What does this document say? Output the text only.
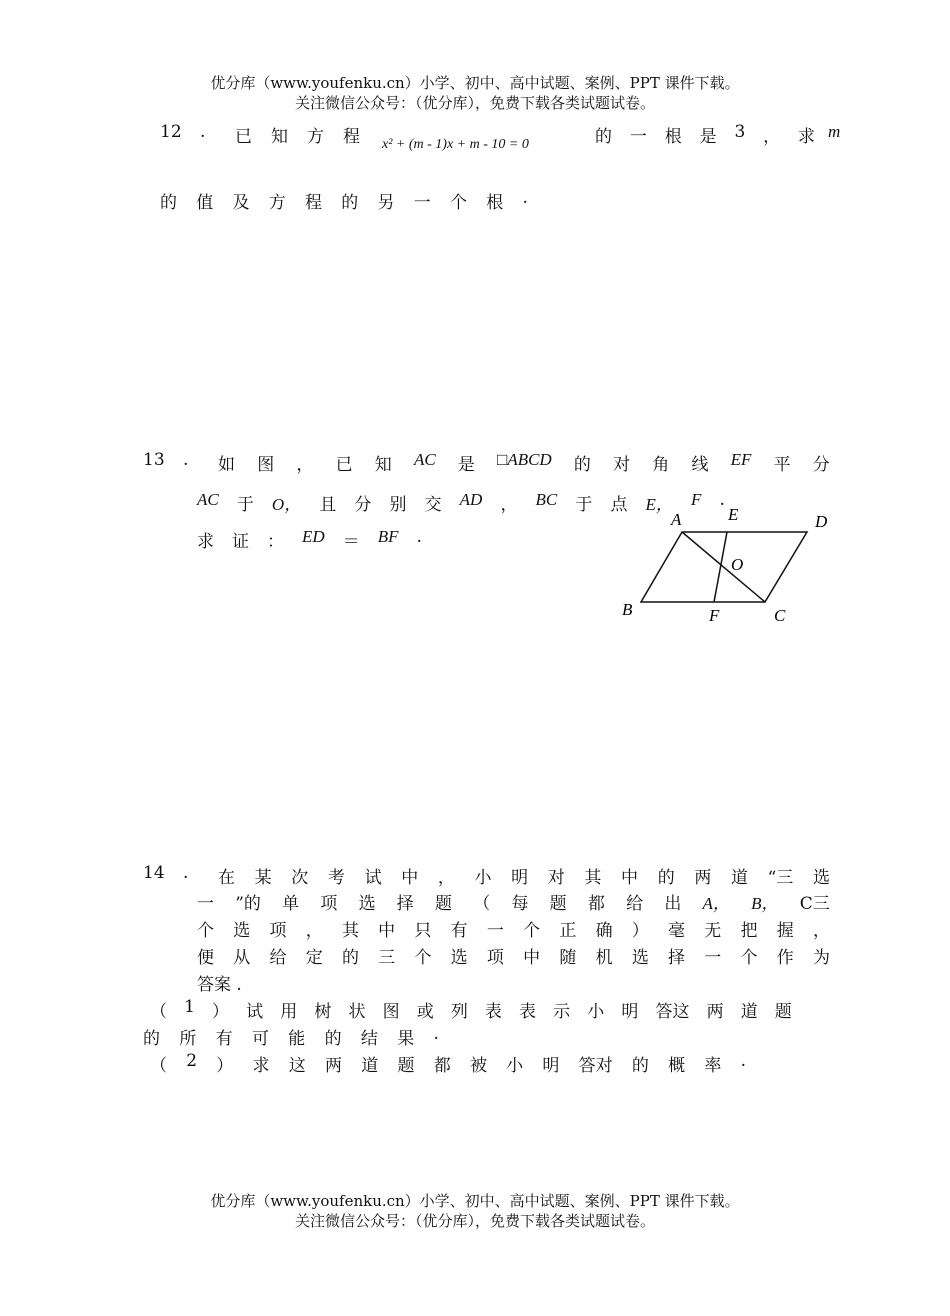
优分库（www.youfenku.cn）小学、初中、高中试题、案例、PPT 课件下载。
关注微信公众号：（优分库），免费下载各类试题试卷。
12 . 已 知 方 程 x² + (m - 1)x + m - 10 = 0	的 一 根 是 3 ， 求 m
的 值 及 方 程 的 另 一 个 根 .
13 . 如 图 ， 已 知 AC 是 □ABCD 的 对 角 线 EF 平 分
AC 于 O， 且 分 别 交 AD ， BC 于 点 E， F .
求 证 ： ED ＝ BF .
A	E	D
O
B	F	C
14 . 在 某 次 考 试 中 ， 小 明 对 其 中 的 两 道 “三 选
一 ”的 单 项 选 择 题 （ 每 题 都 给 出 A， B， C三
个 选 项 ， 其 中 只 有 一 个 正 确 ） 毫 无 把 握 ，
便 从 给 定 的 三 个 选 项 中 随 机 选 择 一 个 作 为
答案 .
（ 1 ） 试 用 树 状 图 或 列 表 表 示 小 明 答这 两 道 题
的 所 有 可 能 的 结 果 .
（ 2 ） 求 这 两 道 题 都 被 小 明 答对 的 概 率 .
优分库（www.youfenku.cn）小学、初中、高中试题、案例、PPT 课件下载。
关注微信公众号：（优分库），免费下载各类试题试卷。
